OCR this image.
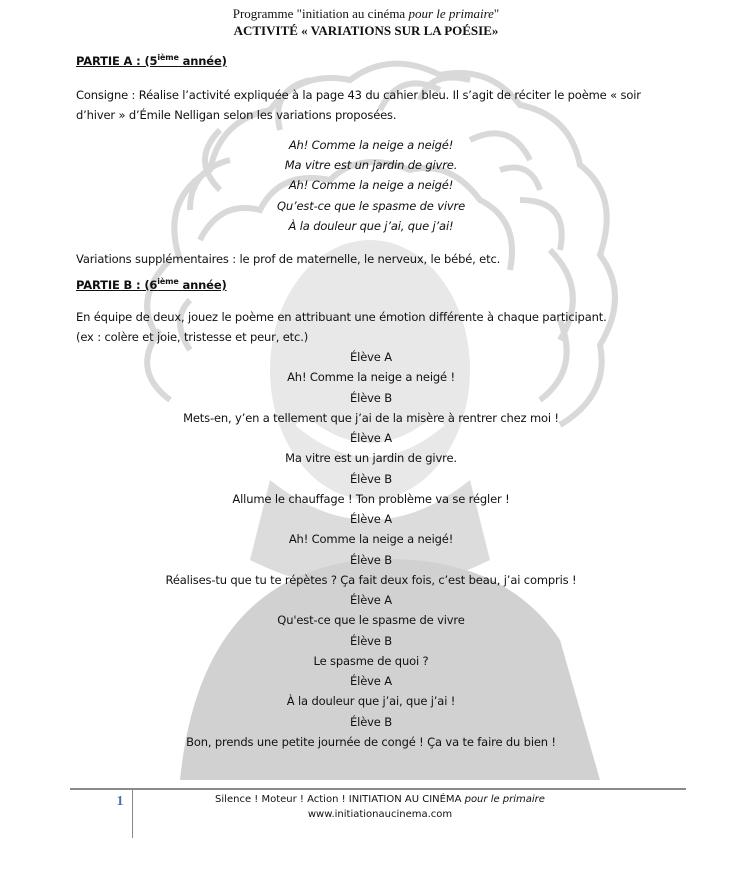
Programme "initiation au cinéma pour le primaire"
ACTIVITÉ « VARIATIONS SUR LA POÉSIE»
PARTIE A : (5ième année)

Consigne : Réalise l’activité expliquée à la page 43 du cahier bleu. Il s’agit de réciter le poème « soir

d’hiver » d’Émile Nelligan selon les variations proposées.

Ah! Comme la neige a neigé!

Ma vitre est un jardin de givre.

Ah! Comme la neige a neigé!

Qu’est-ce que le spasme de vivre

À la douleur que j’ai, que j’ai!

Variations supplémentaires : le prof de maternelle, le nerveux, le bébé, etc.

PARTIE B : (6ième année)

En équipe de deux, jouez le poème en attribuant une émotion différente à chaque participant.

(ex : colère et joie, tristesse et peur, etc.)

Élève A

Ah! Comme la neige a neigé !

Élève B

Mets-en, y’en a tellement que j’ai de la misère à rentrer chez moi !

Élève A

Ma vitre est un jardin de givre.

Élève B

Allume le chauffage ! Ton problème va se régler !

Élève A

Ah! Comme la neige a neigé!

Élève B

Réalises-tu que tu te répètes ? Ça fait deux fois, c’est beau, j’ai compris !

Élève A

Qu'est-ce que le spasme de vivre

Élève B

Le spasme de quoi ?

Élève A

À la douleur que j’ai, que j’ai !

Élève B

Bon, prends une petite journée de congé ! Ça va te faire du bien !

1	Silence ! Moteur ! Action ! INITIATION AU CINÉMA pour le primaire
www.initiationaucinema.com
